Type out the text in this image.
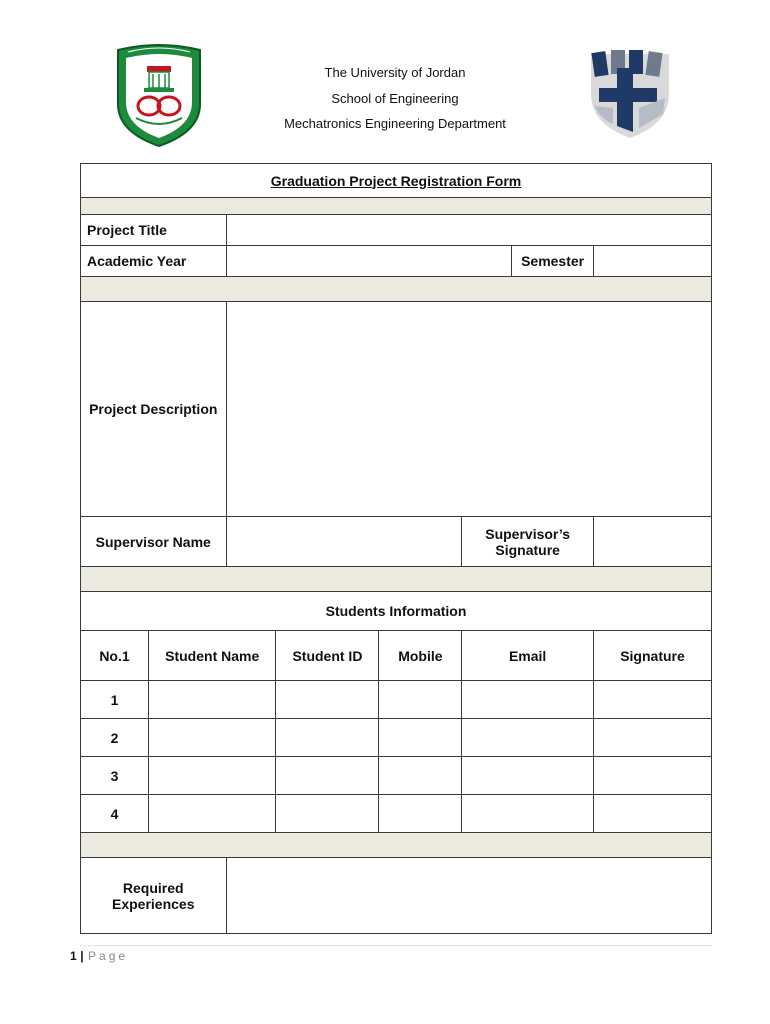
The University of Jordan
School of Engineering
Mechatronics Engineering Department
Graduation Project Registration Form							

Project Title							
Academic Year						Semester	

Project Description							
Supervisor Name					Supervisor’s Signature		

Students Information							
No.1	Student Name		Student ID	Mobile	Email		Signature
1							
2							
3							
4							

Required Experiences							
1 | Page
